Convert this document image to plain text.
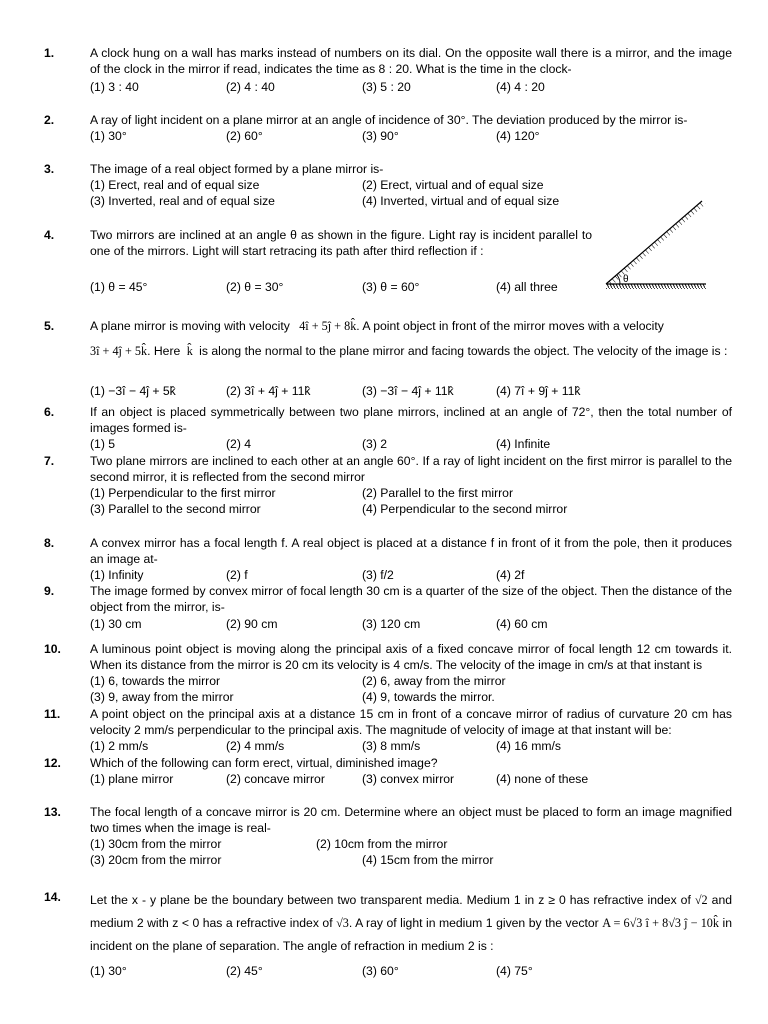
1.	A clock hung on a wall has marks instead of numbers on its dial. On the opposite wall there is a mirror, and the image of the clock in the mirror if read, indicates the time as 8 : 20. What is the time in the clock-
(1) 3 : 40	(2) 4 : 40	(3) 5 : 20	(4) 4 : 20
2.	A ray of light incident on a plane mirror at an angle of incidence of 30°. The deviation produced by the mirror is-
(1) 30°	(2) 60°	(3) 90°	(4) 120°
3.	The image of a real object formed by a plane mirror is-
(1) Erect, real and of equal size	(2) Erect, virtual and of equal size
(3) Inverted, real and of equal size	(4) Inverted, virtual and of equal size
4.	Two mirrors are inclined at an angle θ as shown in the figure. Light ray is incident parallel to one of the mirrors. Light will start retracing its path after third reflection if :
(1) θ = 45°	(2) θ = 30°	(3) θ = 60°	(4) all three
θ
5.	A plane mirror is moving with velocity 4î + 5ĵ + 8k̂. A point object in front of the mirror moves with a velocity
3î + 4ĵ + 5k̂. Here k̂ is along the normal to the plane mirror and facing towards the object. The velocity of the image is :
(1) −3î − 4ĵ + 5k̂	(2) 3î + 4ĵ + 11k̂	(3) −3î − 4ĵ + 11k̂	(4) 7î + 9ĵ + 11k̂
6.	If an object is placed symmetrically between two plane mirrors, inclined at an angle of 72°, then the total number of images formed is-
(1) 5	(2) 4	(3) 2	(4) Infinite
7.	Two plane mirrors are inclined to each other at an angle 60°. If a ray of light incident on the first mirror is parallel to the second mirror, it is reflected from the second mirror
(1) Perpendicular to the first mirror	(2) Parallel to the first mirror
(3) Parallel to the second mirror	(4) Perpendicular to the second mirror
8.	A convex mirror has a focal length f. A real object is placed at a distance f in front of it from the pole, then it produces an image at-
(1) Infinity	(2) f	(3) f/2	(4) 2f
9.	The image formed by convex mirror of focal length 30 cm is a quarter of the size of the object. Then the distance of the object from the mirror, is-
(1) 30 cm	(2) 90 cm	(3) 120 cm	(4) 60 cm
10. A luminous point object is moving along the principal axis of a fixed concave mirror of focal length 12 cm towards it. When its distance from the mirror is 20 cm its velocity is 4 cm/s. The velocity of the image in cm/s at that instant is
(1) 6, towards the mirror	(2) 6, away from the mirror
(3) 9, away from the mirror	(4) 9, towards the mirror.
11. A point object on the principal axis at a distance 15 cm in front of a concave mirror of radius of curvature 20 cm has velocity 2 mm/s perpendicular to the principal axis. The magnitude of velocity of image at that instant will be:
(1) 2 mm/s	(2) 4 mm/s	(3) 8 mm/s	(4) 16 mm/s
12. Which of the following can form erect, virtual, diminished image?
(1) plane mirror	(2) concave mirror	(3) convex mirror	(4) none of these
13. The focal length of a concave mirror is 20 cm. Determine where an object must be placed to form an image magnified two times when the image is real-
(1) 30cm from the mirror	(2) 10cm from the mirror
(3) 20cm from the mirror	(4) 15cm from the mirror
14. Let the x - y plane be the boundary between two transparent media. Medium 1 in z ≥ 0 has refractive index of √2 and medium 2 with z < 0 has a refractive index of √3. A ray of light in medium 1 given by the vector A = 6√3 î + 8√3 ĵ − 10k̂ in incident on the plane of separation. The angle of refraction in medium 2 is :
(1) 30°	(2) 45°	(3) 60°	(4) 75°
